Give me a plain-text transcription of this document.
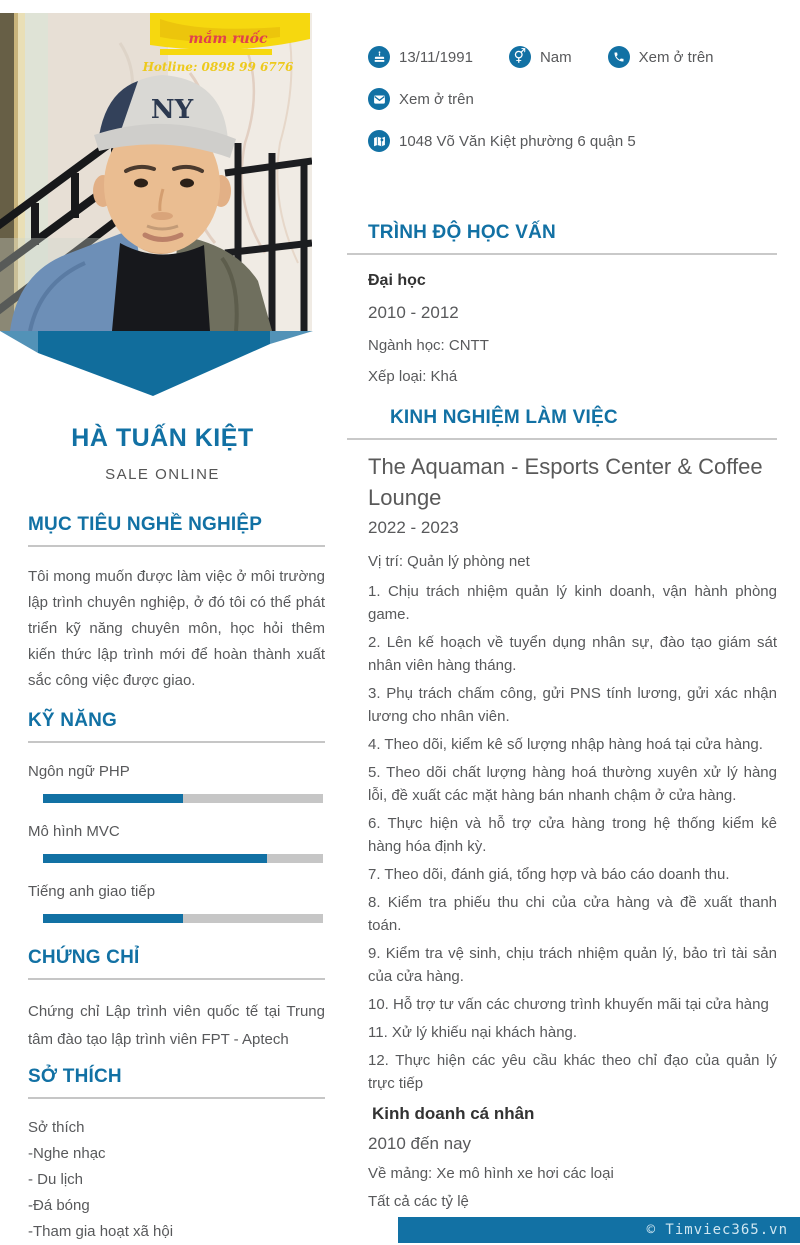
mắm ruốc
Hotline: 0898 99 6776
NY
HÀ TUẤN KIỆT
SALE ONLINE
MỤC TIÊU NGHỀ NGHIỆP

Tôi mong muốn được làm việc ở môi trường lập trình chuyên nghiệp, ở đó tôi có thể phát triển kỹ năng chuyên môn, học hỏi thêm kiến thức lập trình mới để hoàn thành xuất sắc công việc được giao.

KỸ NĂNG
Ngôn ngữ PHP
Mô hình MVC
Tiếng anh giao tiếp
CHỨNG CHỈ

Chứng chỉ Lập trình viên quốc tế tại Trung tâm đào tạo lập trình viên FPT - Aptech

SỞ THÍCH
Sở thích
-Nghe nhạc
- Du lịch
-Đá bóng
-Tham gia hoạt xã hội
13/11/1991	⚥ Nam	Xem ở trên
Xem ở trên
1048 Võ Văn Kiệt phường 6 quận 5
TRÌNH ĐỘ HỌC VẤN
Đại học
2010 - 2012
Ngành học: CNTT
Xếp loại: Khá
KINH NGHIỆM LÀM VIỆC
The Aquaman - Esports Center & Coffee Lounge
2022 - 2023
Vị trí: Quản lý phòng net
1. Chịu trách nhiệm quản lý kinh doanh, vận hành phòng game.
2. Lên kế hoạch về tuyển dụng nhân sự, đào tạo giám sát nhân viên hàng tháng.
3. Phụ trách chấm công, gửi PNS tính lương, gửi xác nhận lương cho nhân viên.
4. Theo dõi, kiểm kê số lượng nhập hàng hoá tại cửa hàng.
5. Theo dõi chất lượng hàng hoá thường xuyên xử lý hàng lỗi, đề xuất các mặt hàng bán nhanh chậm ở cửa hàng.
6. Thực hiện và hỗ trợ cửa hàng trong hệ thống kiểm kê hàng hóa định kỳ.
7. Theo dõi, đánh giá, tổng hợp và báo cáo doanh thu.
8. Kiểm tra phiếu thu chi của cửa hàng và đề xuất thanh toán.
9. Kiểm tra vệ sinh, chịu trách nhiệm quản lý, bảo trì tài sản của cửa hàng.
10. Hỗ trợ tư vấn các chương trình khuyến mãi tại cửa hàng
11. Xử lý khiếu nại khách hàng.
12. Thực hiện các yêu cầu khác theo chỉ đạo của quản lý trực tiếp
Kinh doanh cá nhân
2010 đến nay
Về mảng: Xe mô hình xe hơi các loại
Tất cả các tỷ lệ
© Timviec365.vn
